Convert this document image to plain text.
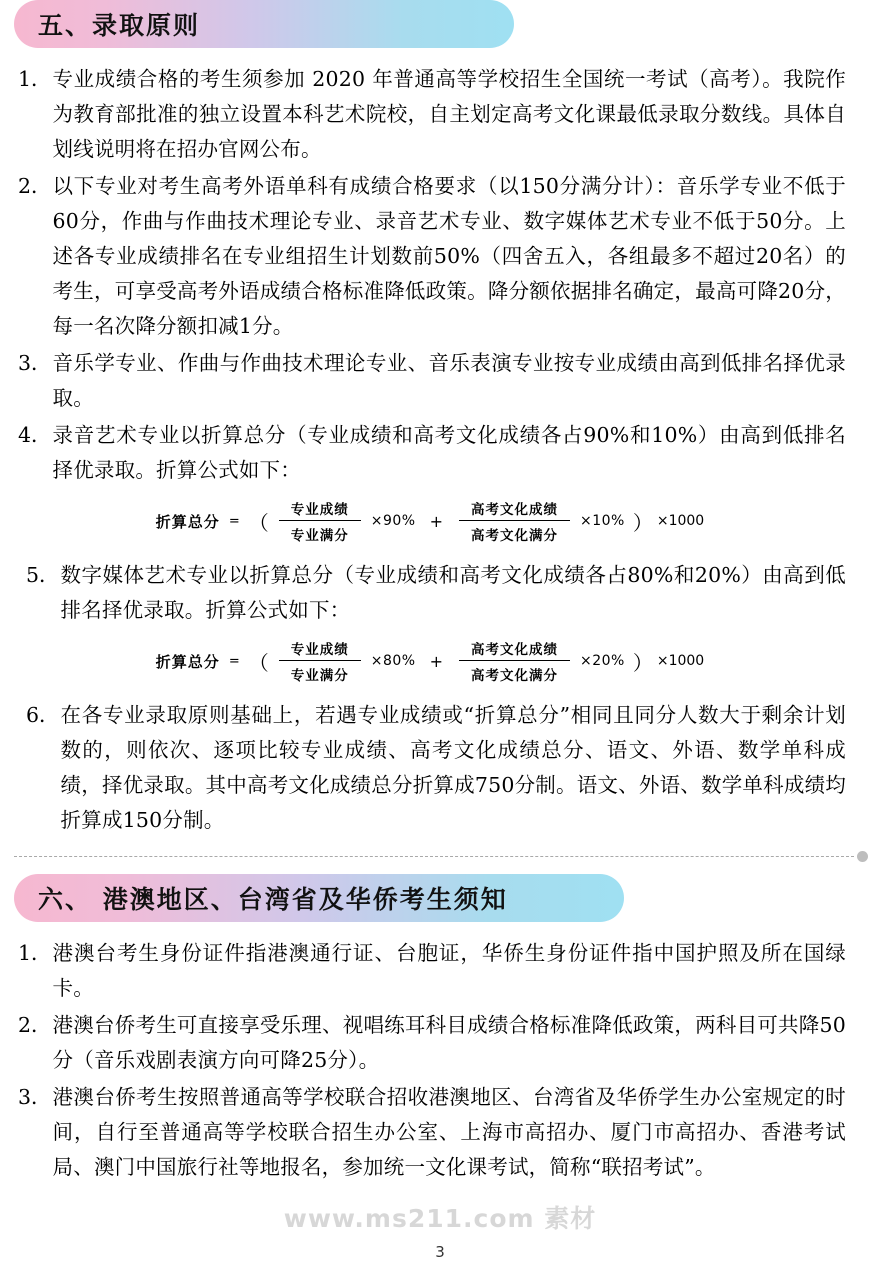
五、录取原则
1． 专业成绩合格的考生须参加 2020 年普通高等学校招生全国统一考试（高考）。我院作为教育部批准的独立设置本科艺术院校，自主划定高考文化课最低录取分数线。具体自划线说明将在招办官网公布。
2． 以下专业对考生高考外语单科有成绩合格要求（以150分满分计）：音乐学专业不低于60分，作曲与作曲技术理论专业、录音艺术专业、数字媒体艺术专业不低于50分。上述各专业成绩排名在专业组招生计划数前50%（四舍五入，各组最多不超过20名）的考生，可享受高考外语成绩合格标准降低政策。降分额依据排名确定，最高可降20分，每一名次降分额扣减1分。
3． 音乐学专业、作曲与作曲技术理论专业、音乐表演专业按专业成绩由高到低排名择优录取。
4． 录音艺术专业以折算总分（专业成绩和高考文化成绩各占90%和10%）由高到低排名择优录取。折算公式如下：
折算总分 = （ $\frac{\text{专业成绩}}{\text{专业满分}} \times 90\% + \frac{\text{高考文化成绩}}{\text{高考文化满分}} \times 10\%$ ） ×1000
5． 数字媒体艺术专业以折算总分（专业成绩和高考文化成绩各占80%和20%）由高到低排名择优录取。折算公式如下：
折算总分 = （ $\frac{\text{专业成绩}}{\text{专业满分}} \times 80\% + \frac{\text{高考文化成绩}}{\text{高考文化满分}} \times 20\%$ ） ×1000
6． 在各专业录取原则基础上，若遇专业成绩或“折算总分”相同且同分人数大于剩余计划数的，则依次、逐项比较专业成绩、高考文化成绩总分、语文、外语、数学单科成绩，择优录取。其中高考文化成绩总分折算成750分制。语文、外语、数学单科成绩均折算成150分制。
六、 港澳地区、台湾省及华侨考生须知
1． 港澳台考生身份证件指港澳通行证、台胞证，华侨生身份证件指中国护照及所在国绿卡。
2． 港澳台侨考生可直接享受乐理、视唱练耳科目成绩合格标准降低政策，两科目可共降50分（音乐戏剧表演方向可降25分）。
3． 港澳台侨考生按照普通高等学校联合招收港澳地区、台湾省及华侨学生办公室规定的时间，自行至普通高等学校联合招生办公室、上海市高招办、厦门市高招办、香港考试局、澳门中国旅行社等地报名，参加统一文化课考试，简称“联招考试”。
www.ms211.com 素材
3
